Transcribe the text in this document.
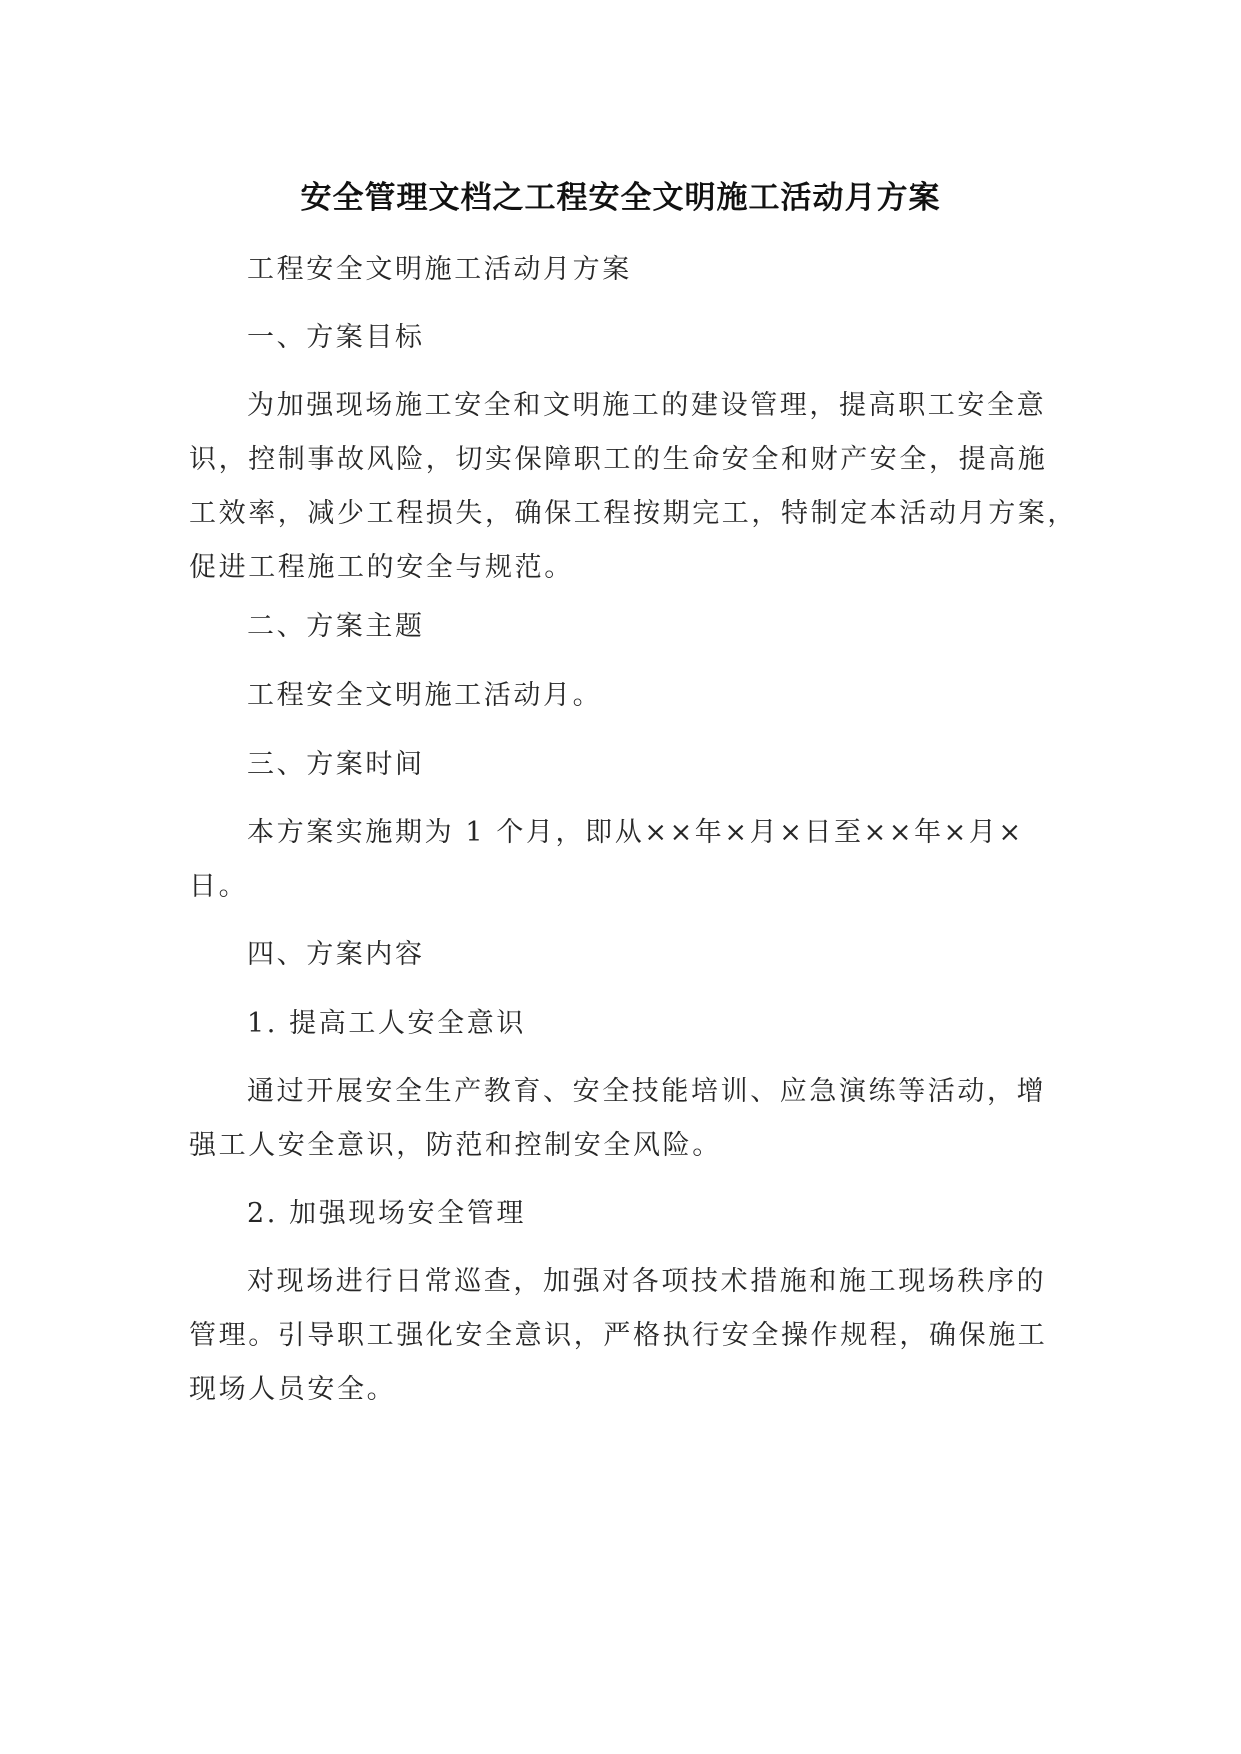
安全管理文档之工程安全文明施工活动月方案
工程安全文明施工活动月方案
一、方案目标
为加强现场施工安全和文明施工的建设管理，提高职工安全意
识，控制事故风险，切实保障职工的生命安全和财产安全，提高施
工效率，减少工程损失，确保工程按期完工，特制定本活动月方案，
促进工程施工的安全与规范。
二、方案主题
工程安全文明施工活动月。
三、方案时间
本方案实施期为 1 个月，即从××年×月×日至××年×月×
日。
四、方案内容
1. 提高工人安全意识
通过开展安全生产教育、安全技能培训、应急演练等活动，增
强工人安全意识，防范和控制安全风险。
2. 加强现场安全管理
对现场进行日常巡查，加强对各项技术措施和施工现场秩序的
管理。引导职工强化安全意识，严格执行安全操作规程，确保施工
现场人员安全。
